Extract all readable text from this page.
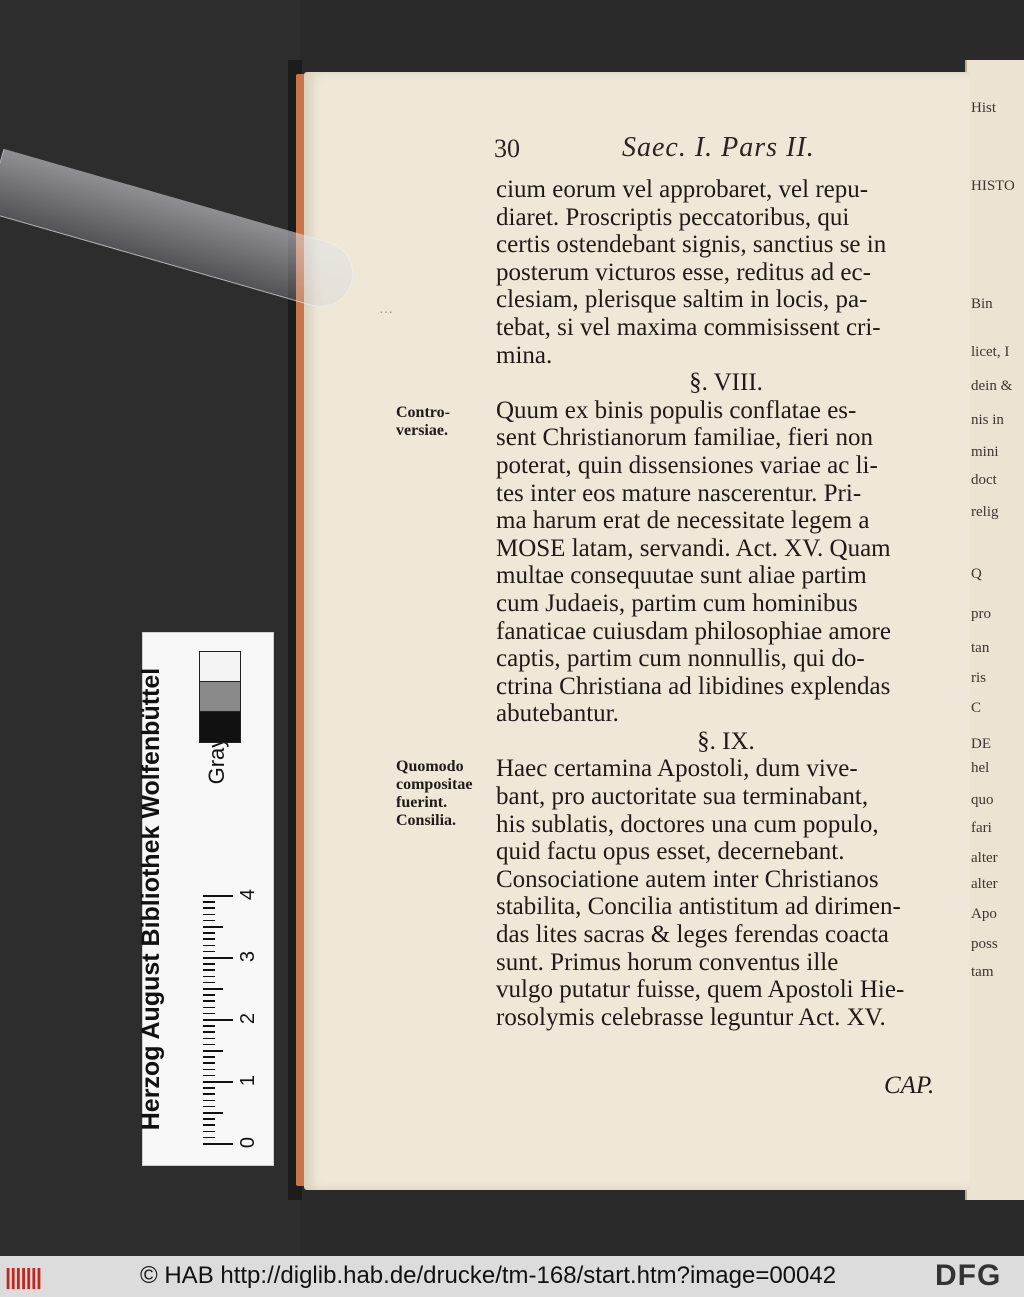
Hist
HISTO
Bin
licet, I
dein &
nis in
mini
doct
relig
Q
pro
tan
ris
C
DE
hel
quo
fari
alter
alter
Apo
poss
tam
30	Saec. I. Pars II.
…
cium eorum vel approbaret, vel repu-
diaret. Proscriptis peccatoribus, qui
certis ostendebant signis, sanctius se in
posterum victuros esse, reditus ad ec-
clesiam, plerisque saltim in locis, pa-
tebat, si vel maxima commisissent cri-
mina.
§. VIII.
Quum ex binis populis conflatae es-
sent Christianorum familiae, fieri non
poterat, quin dissensiones variae ac li-
tes inter eos mature nascerentur. Pri-
ma harum erat de necessitate legem a
MOSE latam, servandi. Act. XV. Quam
multae consequutae sunt aliae partim
cum Judaeis, partim cum hominibus
fanaticae cuiusdam philosophiae amore
captis, partim cum nonnullis, qui do-
ctrina Christiana ad libidines explendas
abutebantur.
§. IX.
Haec certamina Apostoli, dum vive-
bant, pro auctoritate sua terminabant,
his sublatis, doctores una cum populo,
quid factu opus esset, decernebant.
Consociatione autem inter Christianos
stabilita, Concilia antistitum ad dirimen-
das lites sacras & leges ferendas coacta
sunt. Primus horum conventus ille
vulgo putatur fuisse, quem Apostoli Hie-
rosolymis celebrasse leguntur Act. XV.
Contro-
versiae.
Quomodo
compositae
fuerint.
Consilia.
CAP.
Herzog August Bibliothek Wolfenbüttel
0
1
2
3
4
|||||||	© HAB http://diglib.hab.de/drucke/tm-168/start.htm?image=00042	DFG
